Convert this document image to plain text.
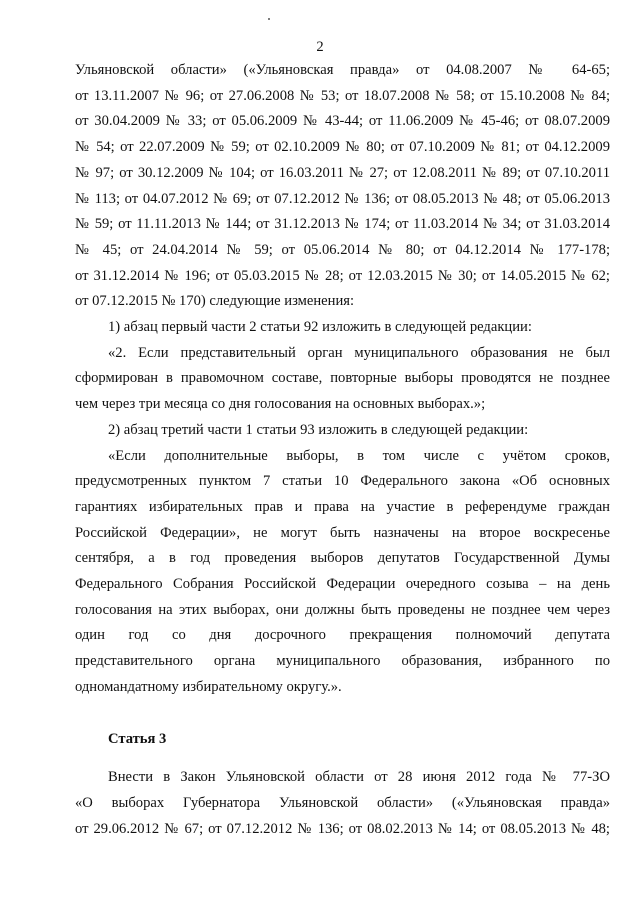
2
Ульяновской области» («Ульяновская правда» от 04.08.2007 № 64-65;
от 13.11.2007 № 96; от 27.06.2008 № 53; от 18.07.2008 № 58; от 15.10.2008 № 84;
от 30.04.2009 № 33; от 05.06.2009 № 43-44; от 11.06.2009 № 45-46; от 08.07.2009
№ 54; от 22.07.2009 № 59; от 02.10.2009 № 80; от 07.10.2009 № 81; от 04.12.2009
№ 97; от 30.12.2009 № 104; от 16.03.2011 № 27; от 12.08.2011 № 89; от 07.10.2011
№ 113; от 04.07.2012 № 69; от 07.12.2012 № 136; от 08.05.2013 № 48; от 05.06.2013
№ 59; от 11.11.2013 № 144; от 31.12.2013 № 174; от 11.03.2014 № 34; от 31.03.2014
№ 45; от 24.04.2014 № 59; от 05.06.2014 № 80; от 04.12.2014 № 177-178;
от 31.12.2014 № 196; от 05.03.2015 № 28; от 12.03.2015 № 30; от 14.05.2015 № 62;
от 07.12.2015 № 170) следующие изменения:
1) абзац первый части 2 статьи 92 изложить в следующей редакции:
«2. Если представительный орган муниципального образования не был
сформирован в правомочном составе, повторные выборы проводятся не позднее
чем через три месяца со дня голосования на основных выборах.»;
2) абзац третий части 1 статьи 93 изложить в следующей редакции:
«Если дополнительные выборы, в том числе с учётом сроков,
предусмотренных пунктом 7 статьи 10 Федерального закона «Об основных
гарантиях избирательных прав и права на участие в референдуме граждан
Российской Федерации», не могут быть назначены на второе воскресенье
сентября, а в год проведения выборов депутатов Государственной Думы
Федерального Собрания Российской Федерации очередного созыва – на день
голосования на этих выборах, они должны быть проведены не позднее чем через
один год со дня досрочного прекращения полномочий депутата
представительного органа муниципального образования, избранного по
одномандатному избирательному округу.».
Статья 3
Внести в Закон Ульяновской области от 28 июня 2012 года № 77-ЗО
«О выборах Губернатора Ульяновской области» («Ульяновская правда»
от 29.06.2012 № 67; от 07.12.2012 № 136; от 08.02.2013 № 14; от 08.05.2013 № 48;
